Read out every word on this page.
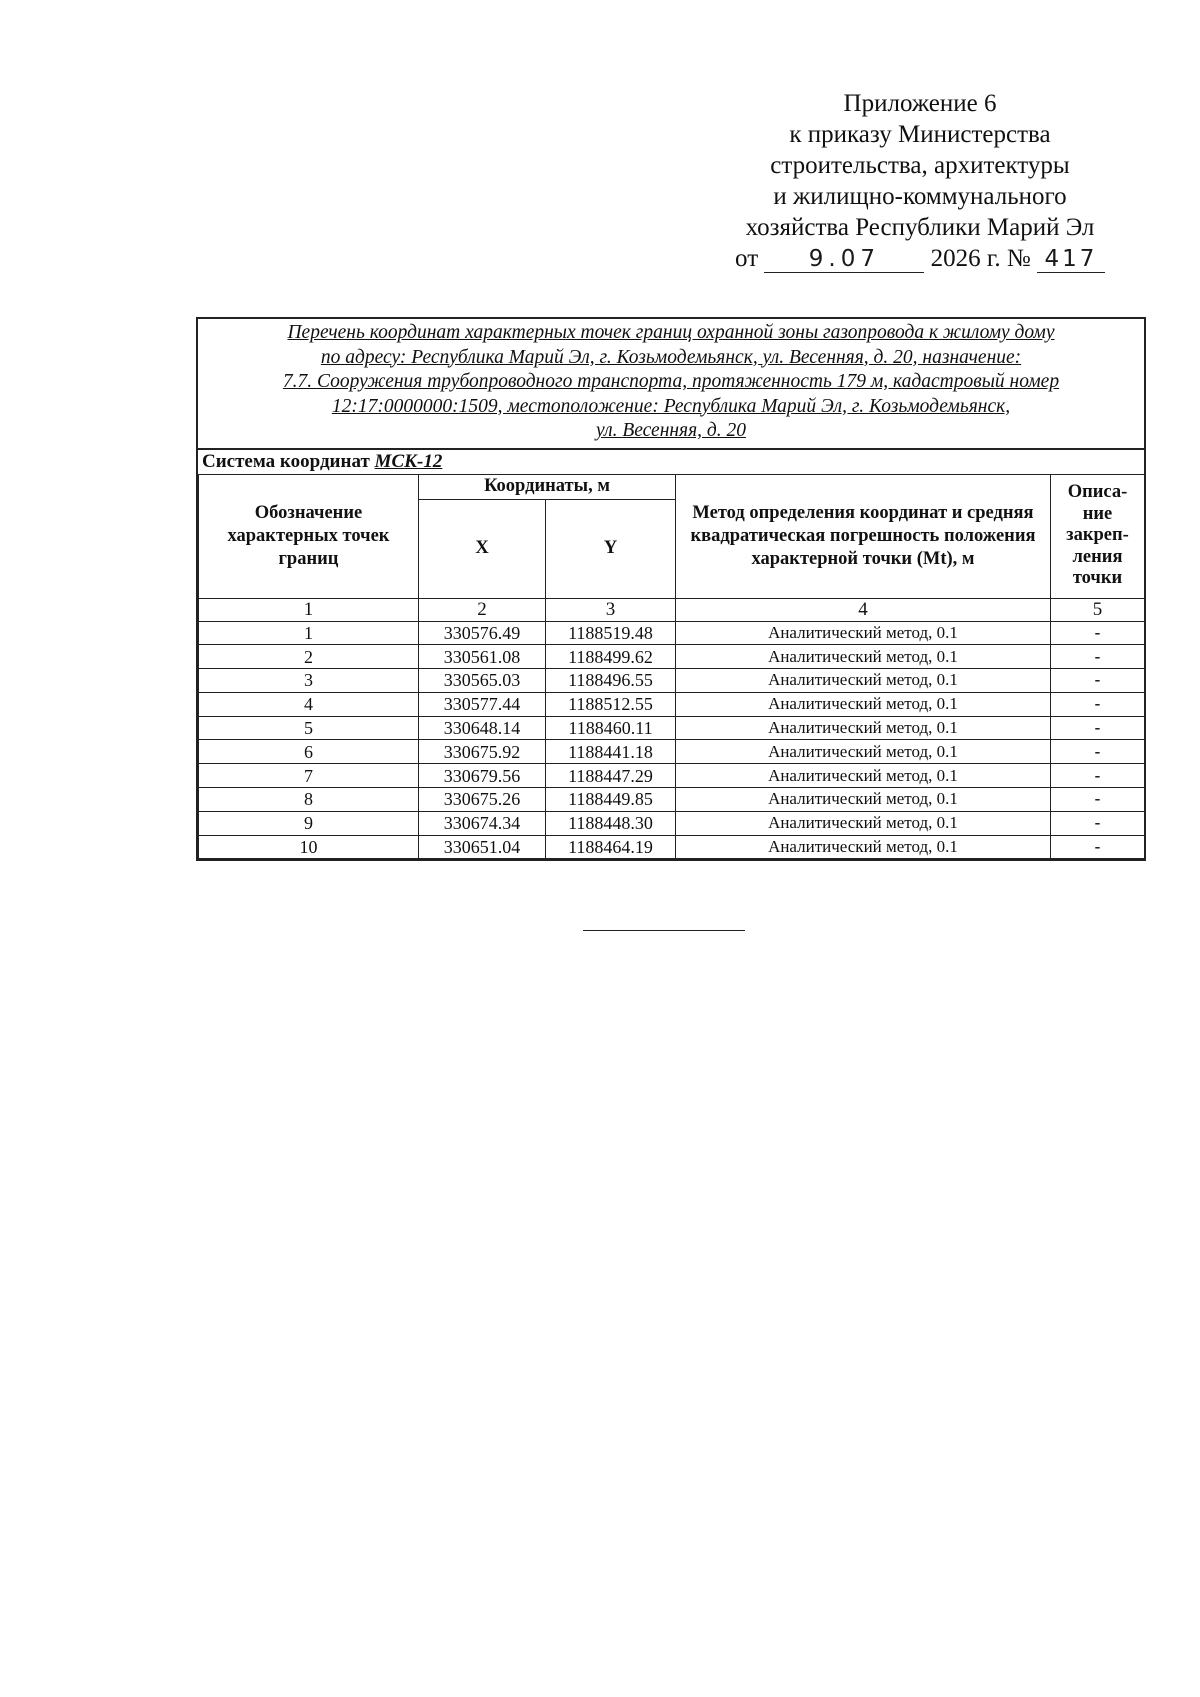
Приложение 6
к приказу Министерства
строительства, архитектуры
и жилищно-коммунального
хозяйства Республики Марий Эл
от 9.07 2026 г. № 417
Перечень координат характерных точек границ охранной зоны газопровода к жилому дому
по адресу: Республика Марий Эл, г. Козьмодемьянск, ул. Весенняя, д. 20, назначение:
7.7. Сооружения трубопроводного транспорта, протяженность 179 м, кадастровый номер
12:17:0000000:1509, местоположение: Республика Марий Эл, г. Козьмодемьянск,
ул. Весенняя, д. 20
Система координат МСК-12
Обозначение характерных точек границ	Координаты, м		Метод определения координат и средняя квадратическая погрешность положения характерной точки (Mt), м	Описа-
ние
закреп-
ления
точки

	X	Y		
1	2	3	4	5
1	330576.49	1188519.48	Аналитический метод, 0.1	-
2	330561.08	1188499.62	Аналитический метод, 0.1	-
3	330565.03	1188496.55	Аналитический метод, 0.1	-
4	330577.44	1188512.55	Аналитический метод, 0.1	-
5	330648.14	1188460.11	Аналитический метод, 0.1	-
6	330675.92	1188441.18	Аналитический метод, 0.1	-
7	330679.56	1188447.29	Аналитический метод, 0.1	-
8	330675.26	1188449.85	Аналитический метод, 0.1	-
9	330674.34	1188448.30	Аналитический метод, 0.1	-
10	330651.04	1188464.19	Аналитический метод, 0.1	-
